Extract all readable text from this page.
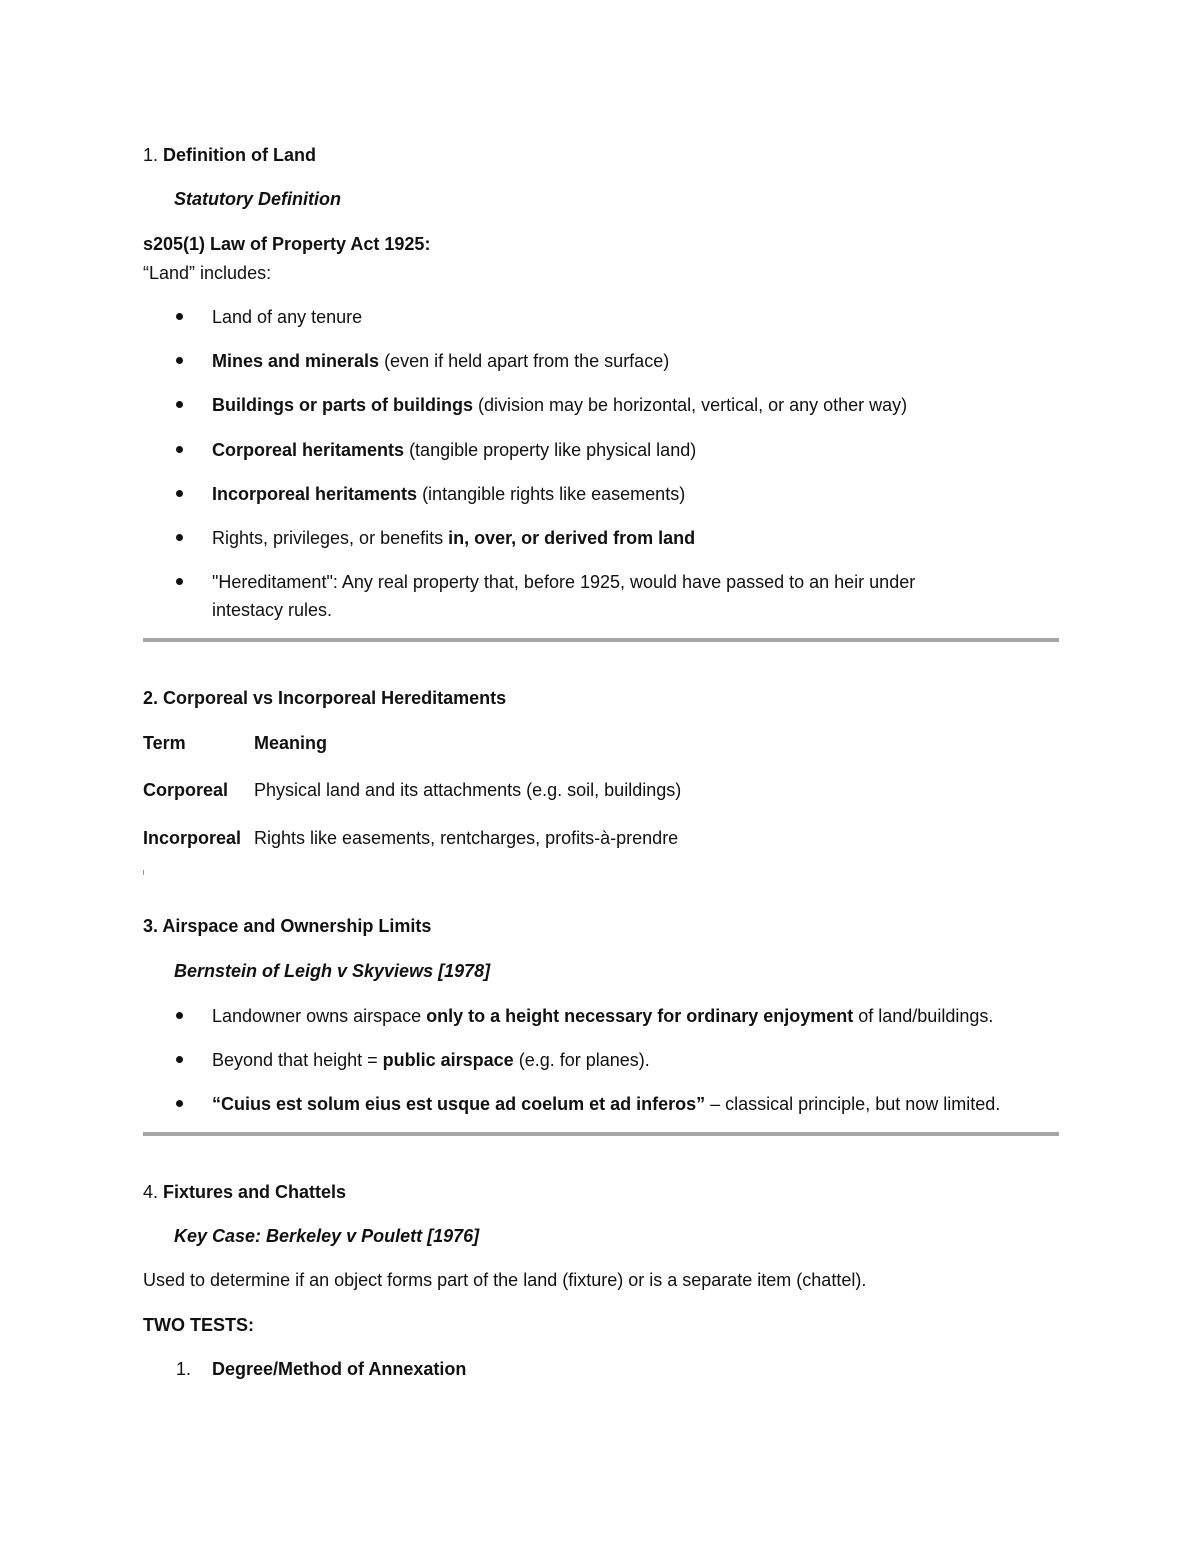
1. Definition of Land
Statutory Definition
s205(1) Law of Property Act 1925:
“Land” includes:
Land of any tenure
Mines and minerals (even if held apart from the surface)
Buildings or parts of buildings (division may be horizontal, vertical, or any other way)
Corporeal heritaments (tangible property like physical land)
Incorporeal heritaments (intangible rights like easements)
Rights, privileges, or benefits in, over, or derived from land
"Hereditament": Any real property that, before 1925, would have passed to an heir under
intestacy rules.
2. Corporeal vs Incorporeal Hereditaments
Term	Meaning
Corporeal Physical land and its attachments (e.g. soil, buildings)
Incorporeal Rights like easements, rentcharges, profits-à-prendre
3. Airspace and Ownership Limits
Bernstein of Leigh v Skyviews [1978]
Landowner owns airspace only to a height necessary for ordinary enjoyment of land/buildings.
Beyond that height = public airspace (e.g. for planes).
“Cuius est solum eius est usque ad coelum et ad inferos” – classical principle, but now limited.
4. Fixtures and Chattels
Key Case: Berkeley v Poulett [1976]
Used to determine if an object forms part of the land (fixture) or is a separate item (chattel).
TWO TESTS:
1. Degree/Method of Annexation
